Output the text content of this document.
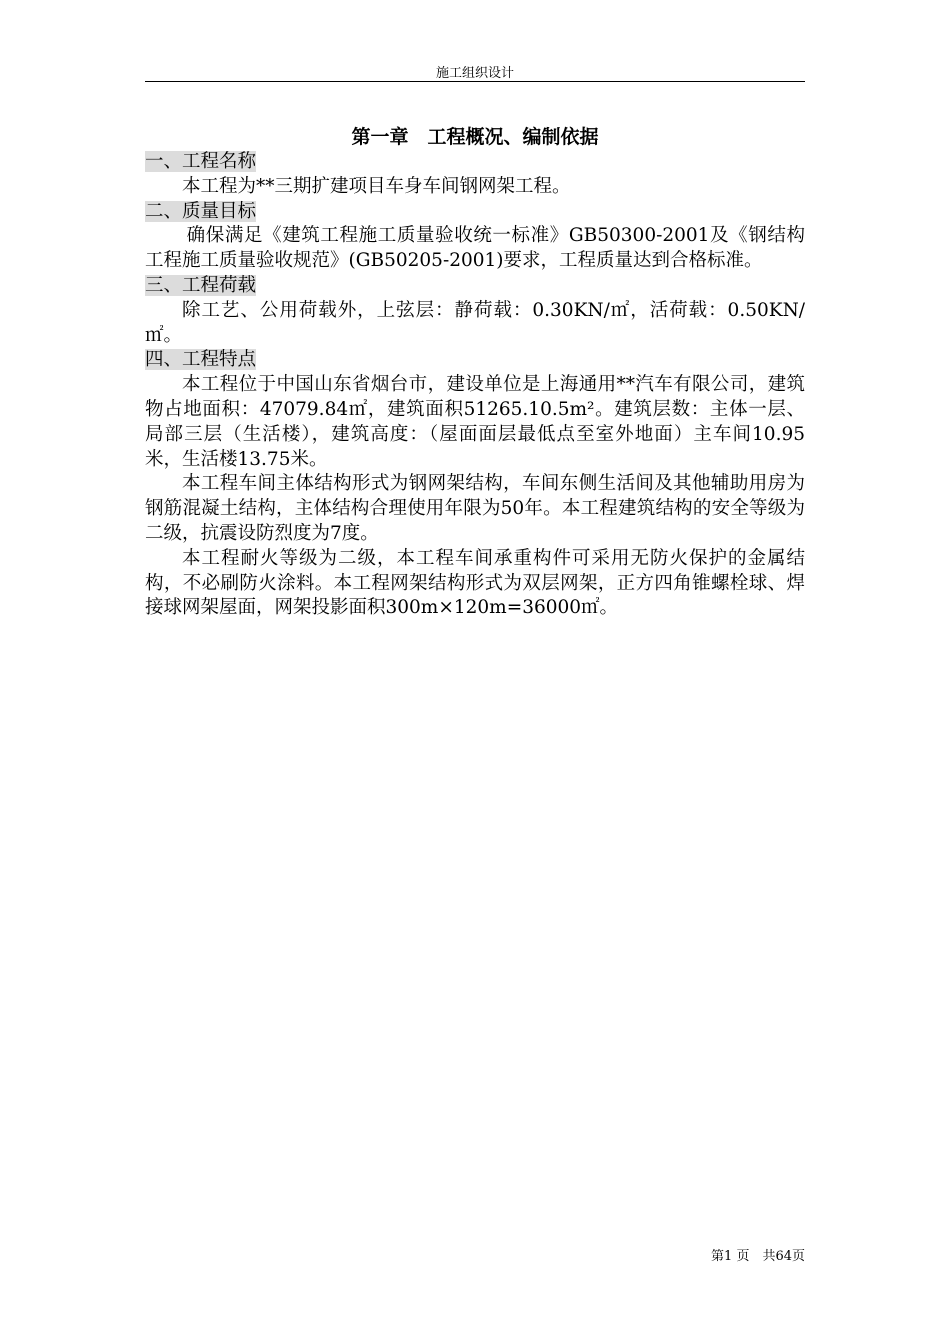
施工组织设计
第一章　工程概况、编制依据
一、工程名称

本工程为**三期扩建项目车身车间钢网架工程。

二、质量目标

确保满足《建筑工程施工质量验收统一标准》GB50300-2001及《钢结构工程施工质量验收规范》(GB50205-2001)要求，工程质量达到合格标准。

三、工程荷载

除工艺、公用荷载外，上弦层：静荷载：0.30KN/㎡，活荷载：0.50KN/㎡。

四、工程特点

本工程位于中国山东省烟台市，建设单位是上海通用**汽车有限公司，建筑物占地面积：47079.84㎡，建筑面积51265.10.5m²。建筑层数：主体一层、局部三层（生活楼），建筑高度：（屋面面层最低点至室外地面）主车间10.95米，生活楼13.75米。

本工程车间主体结构形式为钢网架结构，车间东侧生活间及其他辅助用房为钢筋混凝土结构，主体结构合理使用年限为50年。本工程建筑结构的安全等级为二级，抗震设防烈度为7度。

本工程耐火等级为二级，本工程车间承重构件可采用无防火保护的金属结构，不必刷防火涂料。本工程网架结构形式为双层网架，正方四角锥螺栓球、焊接球网架屋面，网架投影面积300m×120m=36000㎡。

第1 页　共64页
